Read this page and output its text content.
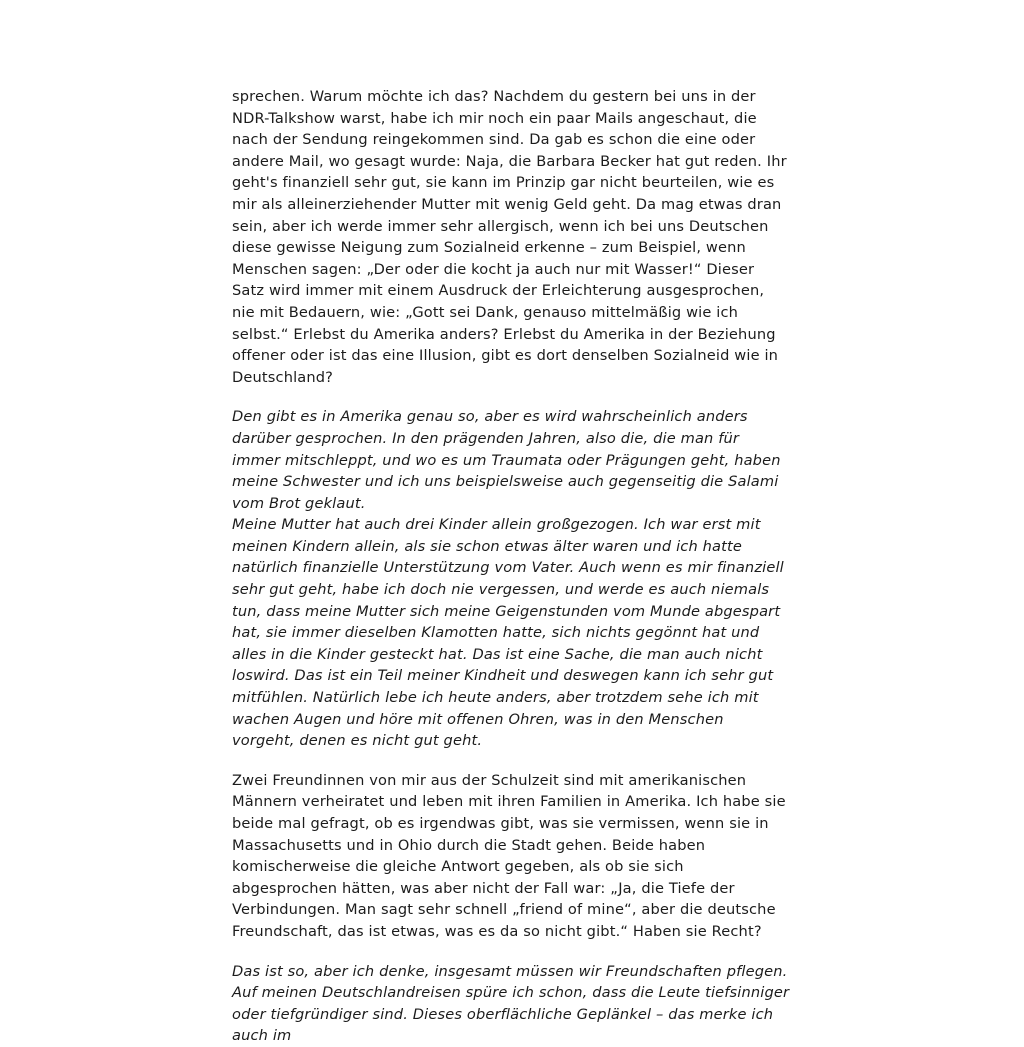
sprechen. Warum möchte ich das? Nachdem du gestern bei uns in der NDR-Talkshow warst, habe ich mir noch ein paar Mails angeschaut, die nach der Sendung reingekommen sind. Da gab es schon die eine oder andere Mail, wo gesagt wurde: Naja, die Barbara Becker hat gut reden. Ihr geht's finanziell sehr gut, sie kann im Prinzip gar nicht beurteilen, wie es mir als alleinerziehender Mutter mit wenig Geld geht. Da mag etwas dran sein, aber ich werde immer sehr allergisch, wenn ich bei uns Deutschen diese gewisse Neigung zum Sozialneid erkenne – zum Beispiel, wenn Menschen sagen: „Der oder die kocht ja auch nur mit Wasser!“ Dieser Satz wird immer mit einem Ausdruck der Erleichterung ausgesprochen, nie mit Bedauern, wie: „Gott sei Dank, genauso mittelmäßig wie ich selbst.“ Erlebst du Amerika anders? Erlebst du Amerika in der Beziehung offener oder ist das eine Illusion, gibt es dort denselben Sozialneid wie in Deutschland?

Den gibt es in Amerika genau so, aber es wird wahrscheinlich anders darüber gesprochen. In den prägenden Jahren, also die, die man für immer mitschleppt, und wo es um Traumata oder Prägungen geht, haben meine Schwester und ich uns beispielsweise auch gegenseitig die Salami vom Brot geklaut.

Meine Mutter hat auch drei Kinder allein großgezogen. Ich war erst mit meinen Kindern allein, als sie schon etwas älter waren und ich hatte natürlich finanzielle Unterstützung vom Vater. Auch wenn es mir finanziell sehr gut geht, habe ich doch nie vergessen, und werde es auch niemals tun, dass meine Mutter sich meine Geigenstunden vom Munde abgespart hat, sie immer dieselben Klamotten hatte, sich nichts gegönnt hat und alles in die Kinder gesteckt hat. Das ist eine Sache, die man auch nicht loswird. Das ist ein Teil meiner Kindheit und deswegen kann ich sehr gut mitfühlen. Natürlich lebe ich heute anders, aber trotzdem sehe ich mit wachen Augen und höre mit offenen Ohren, was in den Menschen vorgeht, denen es nicht gut geht.

Zwei Freundinnen von mir aus der Schulzeit sind mit amerikanischen Männern verheiratet und leben mit ihren Familien in Amerika. Ich habe sie beide mal gefragt, ob es irgendwas gibt, was sie vermissen, wenn sie in Massachusetts und in Ohio durch die Stadt gehen. Beide haben komischerweise die gleiche Antwort gegeben, als ob sie sich abgesprochen hätten, was aber nicht der Fall war: „Ja, die Tiefe der Verbindungen. Man sagt sehr schnell „friend of mine“, aber die deutsche Freundschaft, das ist etwas, was es da so nicht gibt.“ Haben sie Recht?

Das ist so, aber ich denke, insgesamt müssen wir Freundschaften pflegen. Auf meinen Deutschlandreisen spüre ich schon, dass die Leute tiefsinniger oder tiefgründiger sind. Dieses oberflächliche Geplänkel – das merke ich auch im
